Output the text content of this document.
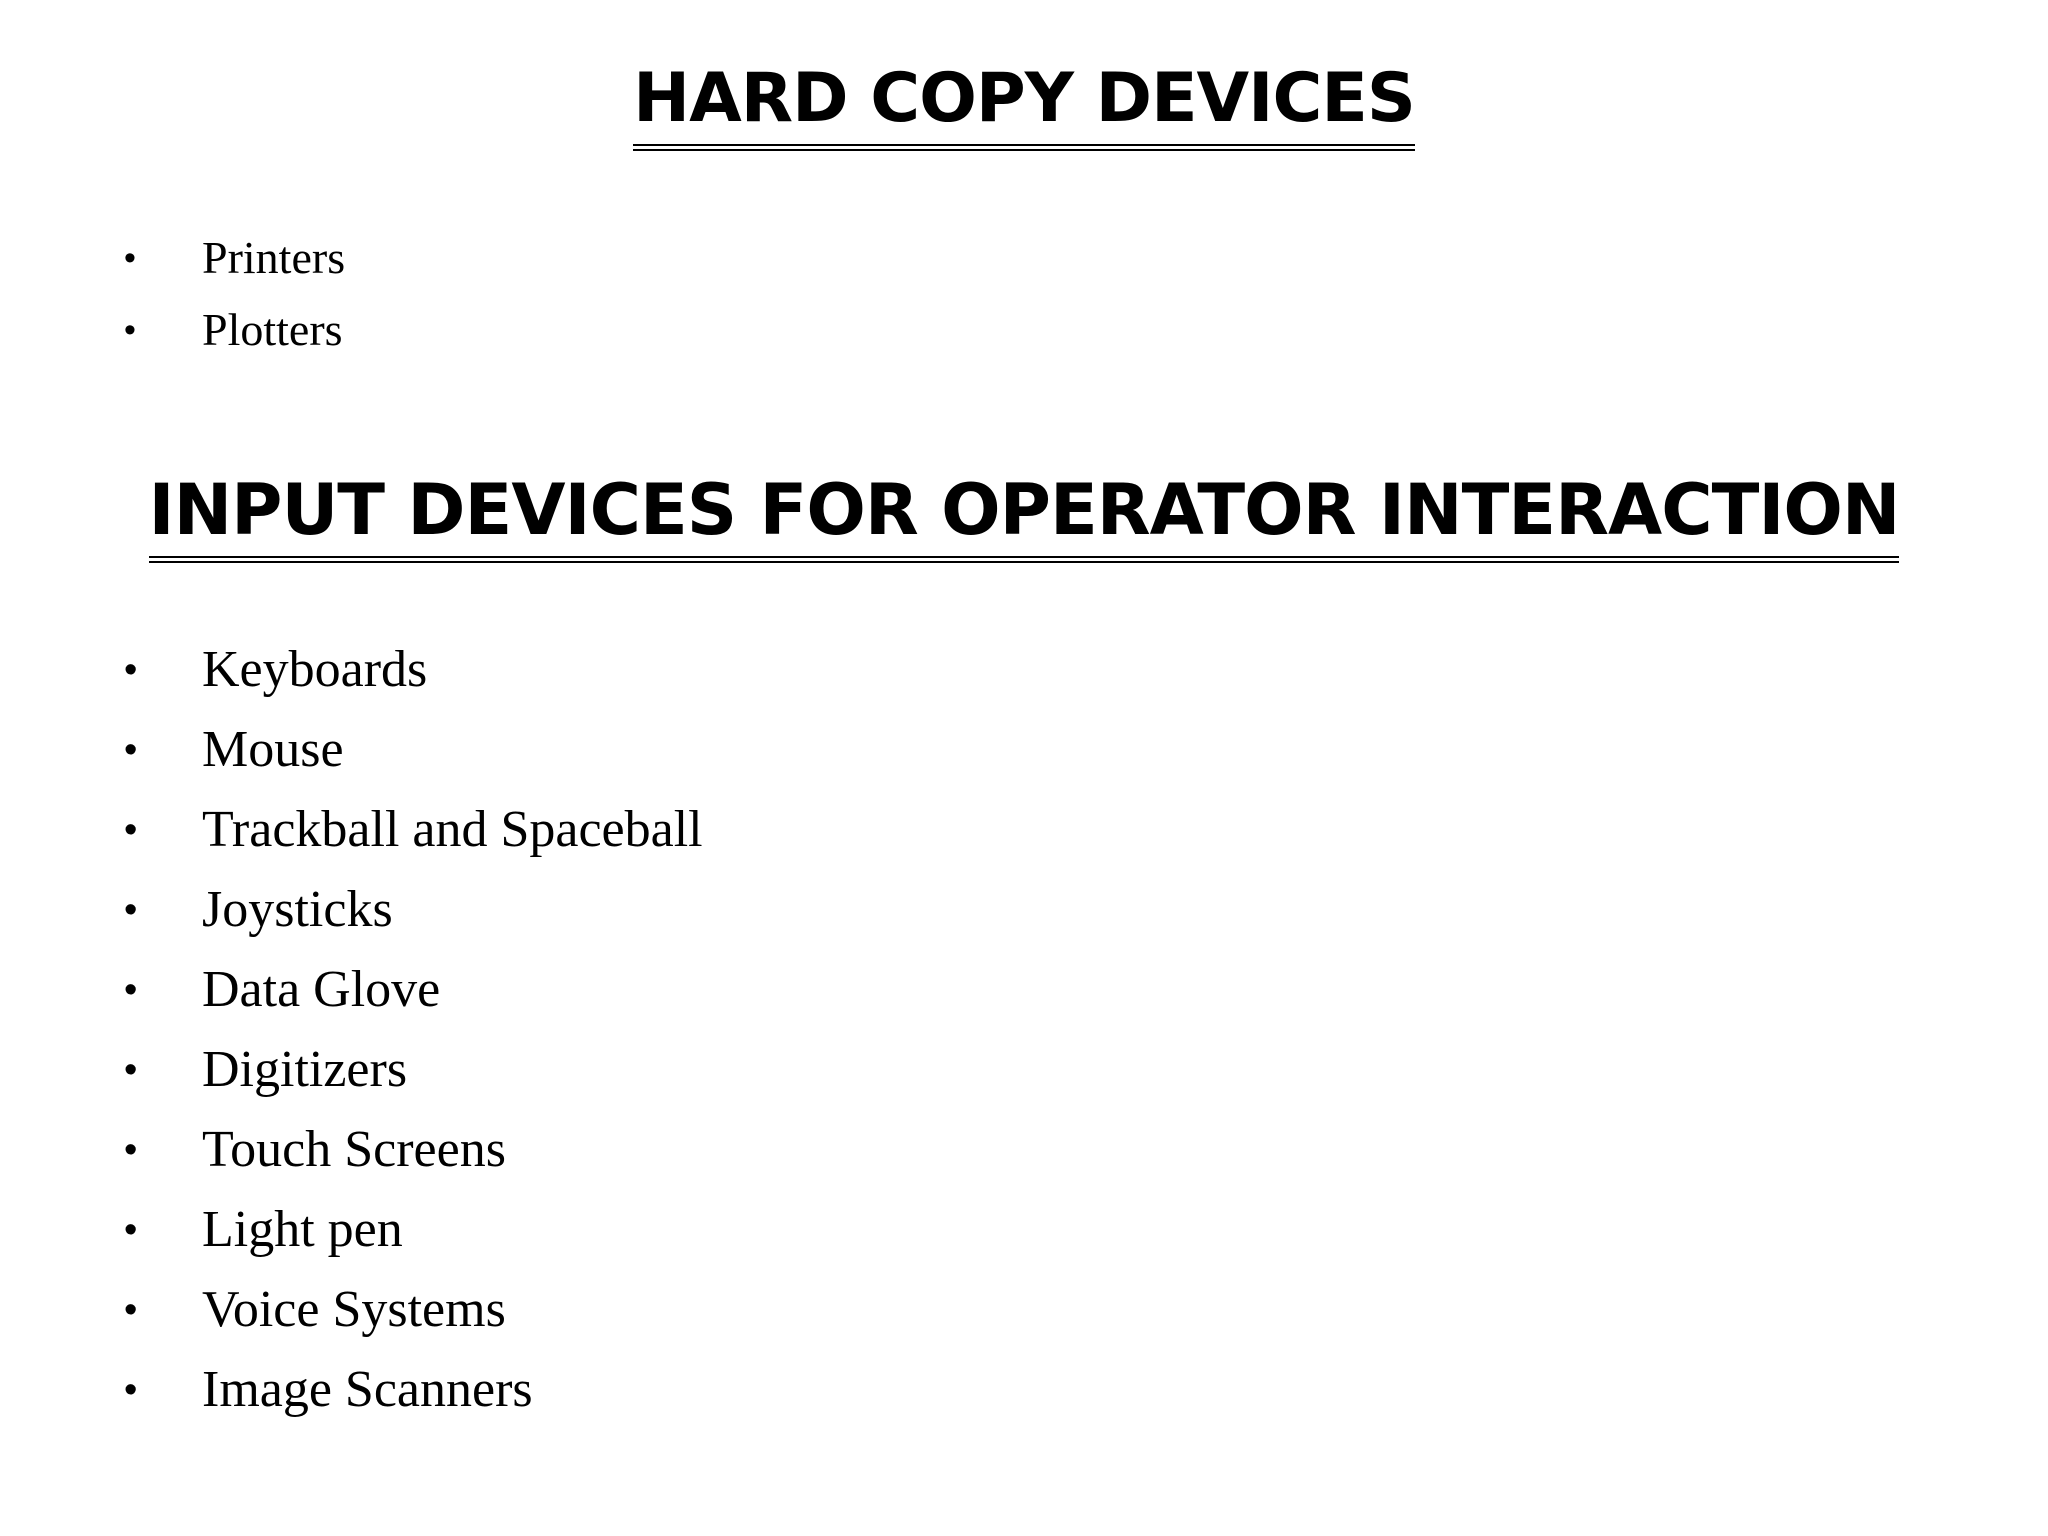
HARD COPY DEVICES
• Printers
• Plotters
INPUT DEVICES FOR OPERATOR INTERACTION
• Keyboards
• Mouse
• Trackball and Spaceball
• Joysticks
• Data Glove
• Digitizers
• Touch Screens
• Light pen
• Voice Systems
• Image Scanners
